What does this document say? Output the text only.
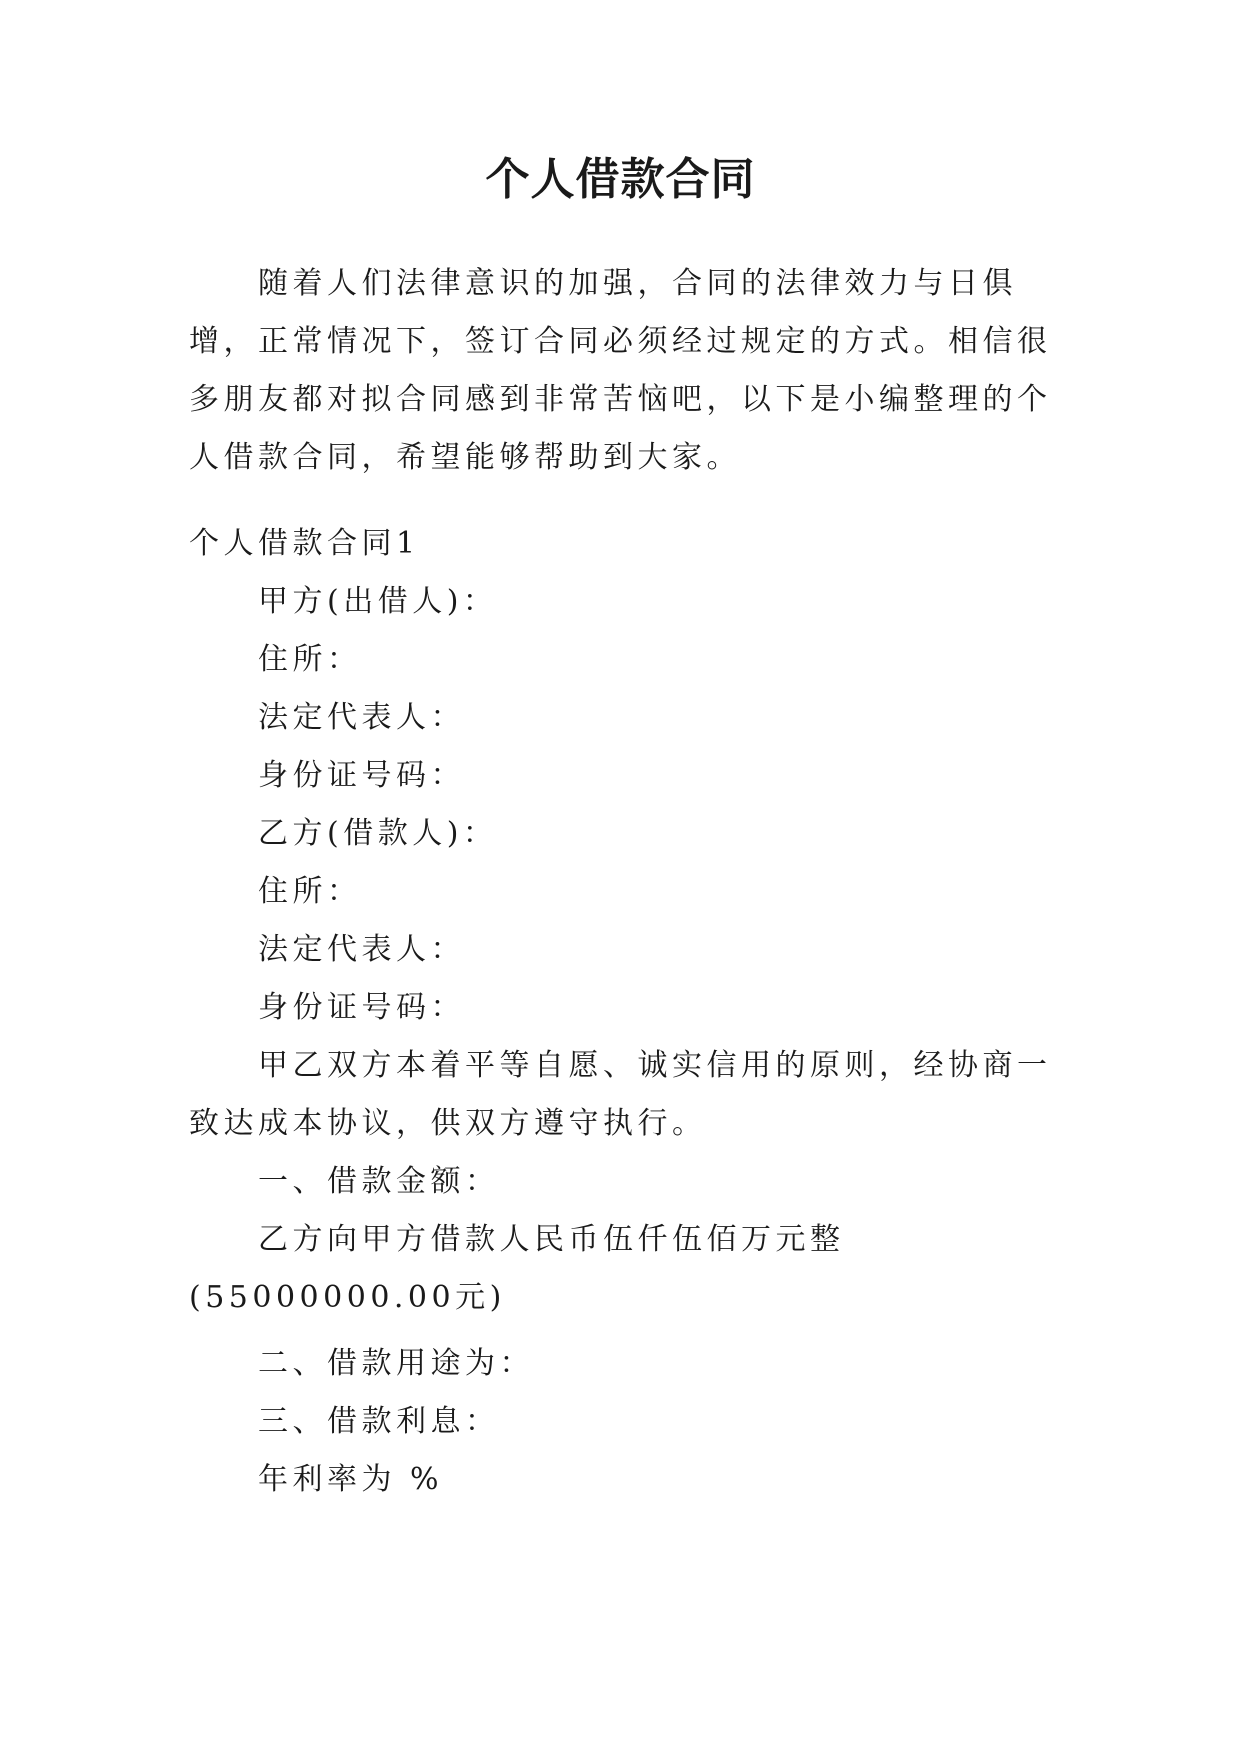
个人借款合同

随着人们法律意识的加强，合同的法律效力与日俱增，正常情况下，签订合同必须经过规定的方式。相信很多朋友都对拟合同感到非常苦恼吧，以下是小编整理的个人借款合同，希望能够帮助到大家。

个人借款合同1

甲方(出借人)：

住所：

法定代表人：

身份证号码：

乙方(借款人)：

住所：

法定代表人：

身份证号码：

甲乙双方本着平等自愿、诚实信用的原则，经协商一致达成本协议，供双方遵守执行。

一、借款金额：

乙方向甲方借款人民币伍仟伍佰万元整(55000000.00元)

二、借款用途为：

三、借款利息：

年利率为 %
